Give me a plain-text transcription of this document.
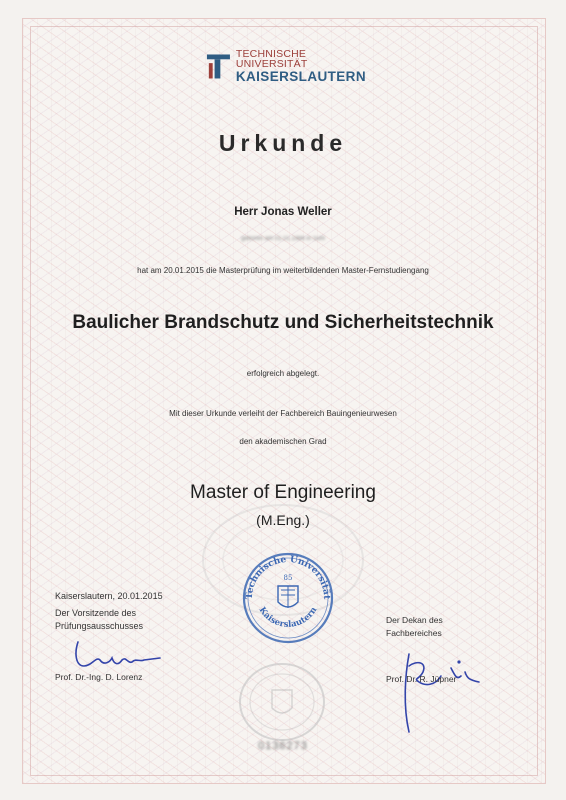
TECHNISCHE UNIVERSITÄT
KAISERSLAUTERN
Urkunde
Herr Jonas Weller
geboren am 01.01.1986 in Suhl
hat am 20.01.2015 die Masterprüfung im weiterbildenden Master-Fernstudiengang
Baulicher Brandschutz und Sicherheitstechnik
erfolgreich abgelegt.
Mit dieser Urkunde verleiht der Fachbereich Bauingenieurwesen
den akademischen Grad
Master of Engineering
(M.Eng.)
Technische Universität
85
Kaiserslautern
Kaiserslautern, 20.01.2015
Der Vorsitzende des
Prüfungsausschusses
Prof. Dr.-Ing. D. Lorenz
Der Dekan des
Fachbereiches
Prof. Dr. R. Jüpner
0136273
